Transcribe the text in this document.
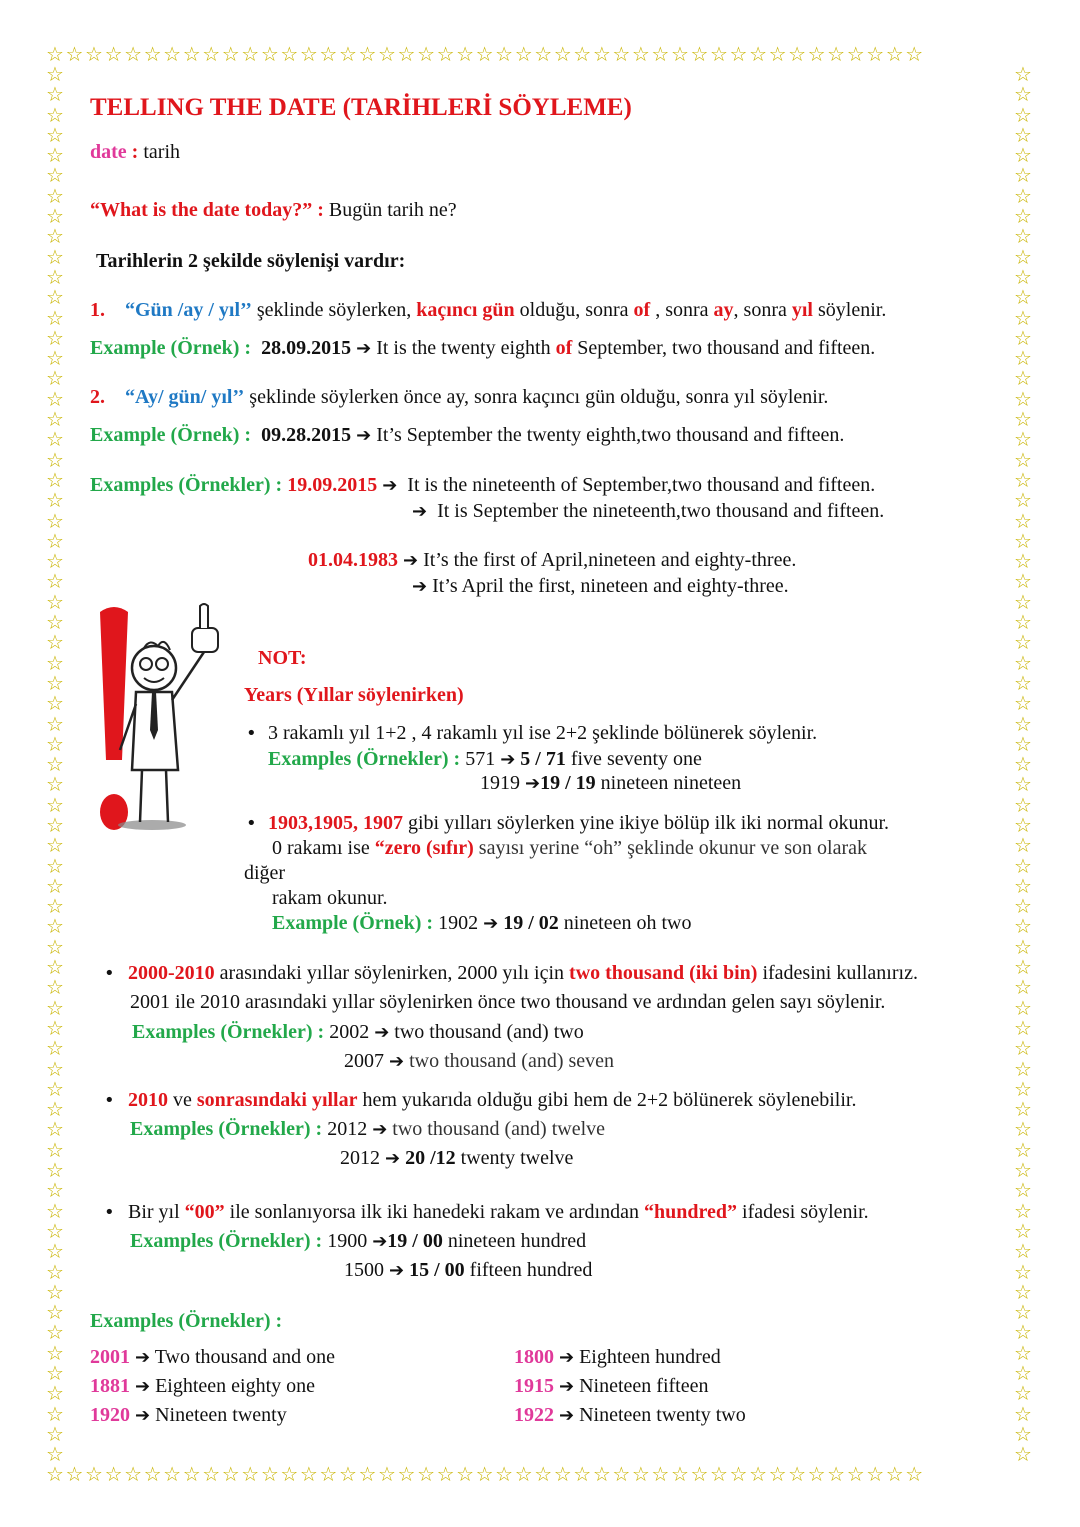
☆☆☆☆☆☆☆☆☆☆☆☆☆☆☆☆☆☆☆☆☆☆☆☆☆☆☆☆☆☆☆☆☆☆☆☆☆☆☆☆☆☆☆☆☆
☆☆☆☆☆☆☆☆☆☆☆☆☆☆☆☆☆☆☆☆☆☆☆☆☆☆☆☆☆☆☆☆☆☆☆☆☆☆☆☆☆☆☆☆☆
☆☆☆☆☆☆☆☆☆☆☆☆☆☆☆☆☆☆☆☆☆☆☆☆☆☆☆☆☆☆☆☆☆☆☆☆☆☆☆☆☆☆☆☆☆☆☆☆☆☆☆☆☆☆☆☆☆☆☆☆☆☆☆☆☆☆☆☆☆
☆☆☆☆☆☆☆☆☆☆☆☆☆☆☆☆☆☆☆☆☆☆☆☆☆☆☆☆☆☆☆☆☆☆☆☆☆☆☆☆☆☆☆☆☆☆☆☆☆☆☆☆☆☆☆☆☆☆☆☆☆☆☆☆☆☆☆☆☆
TELLING THE DATE (TARİHLERİ SÖYLEME)
date : tarih
“What is the date today?” : Bugün tarih ne?
Tarihlerin 2 şekilde söylenişi vardır:
1. “Gün /ay / yıl’’ şeklinde söylerken, kaçıncı gün olduğu, sonra of , sonra ay, sonra yıl söylenir.
Example (Örnek) : 28.09.2015 ➔ It is the twenty eighth of September, two thousand and fifteen.
2. “Ay/ gün/ yıl’’ şeklinde söylerken önce ay, sonra kaçıncı gün olduğu, sonra yıl söylenir.
Example (Örnek) : 09.28.2015 ➔ It’s September the twenty eighth,two thousand and fifteen.
Examples (Örnekler) : 19.09.2015 ➔  It is the nineteenth of September,two thousand and fifteen.
➔  It is September the nineteenth,two thousand and fifteen.
01.04.1983 ➔ It’s the first of April,nineteen and eighty-three.
➔ It’s April the first, nineteen and eighty-three.
NOT:
Years (Yıllar söylenirken)
• 3 rakamlı yıl 1+2 , 4 rakamlı yıl ise 2+2 şeklinde bölünerek söylenir.
Examples (Örnekler) : 571 ➔ 5 / 71 five seventy one
1919 ➔19 / 19 nineteen nineteen
• 1903,1905, 1907 gibi yılları söylerken yine ikiye bölüp ilk iki normal okunur.
0 rakamı ise “zero (sıfır) sayısı yerine “oh” şeklinde okunur ve son olarak
diğer
rakam okunur.
Example (Örnek) : 1902 ➔ 19 / 02 nineteen oh two
• 2000-2010 arasındaki yıllar söylenirken, 2000 yılı için two thousand (iki bin) ifadesini kullanırız.
2001 ile 2010 arasındaki yıllar söylenirken önce two thousand ve ardından gelen sayı söylenir.
Examples (Örnekler) : 2002 ➔ two thousand (and) two
2007 ➔ two thousand (and) seven
• 2010 ve sonrasındaki yıllar hem yukarıda olduğu gibi hem de 2+2 bölünerek söylenebilir.
Examples (Örnekler) : 2012 ➔ two thousand (and) twelve
2012 ➔ 20 /12 twenty twelve
• Bir yıl “00” ile sonlanıyorsa ilk iki hanedeki rakam ve ardından “hundred” ifadesi söylenir.
Examples (Örnekler) : 1900 ➔19 / 00 nineteen hundred
1500 ➔ 15 / 00 fifteen hundred
Examples (Örnekler) :
2001 ➔ Two thousand and one
1881 ➔ Eighteen eighty one
1920 ➔ Nineteen twenty
1800 ➔ Eighteen hundred
1915 ➔ Nineteen fifteen
1922 ➔ Nineteen twenty two
